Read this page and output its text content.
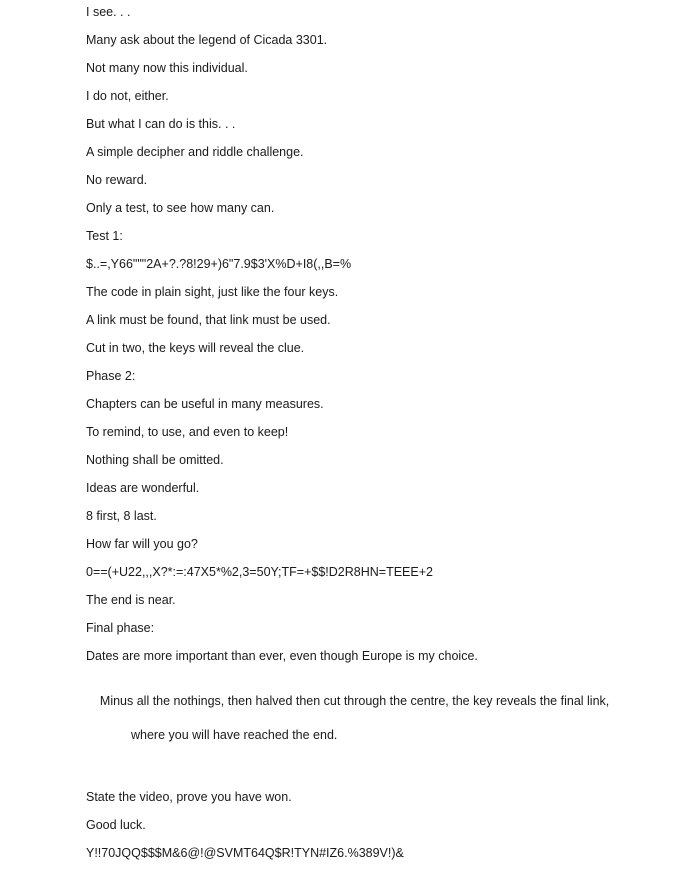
I see. . .

Many ask about the legend of Cicada 3301.

Not many now this individual.

I do not, either.

But what I can do is this. . .

A simple decipher and riddle challenge.

No reward.

Only a test, to see how many can.

Test 1:

$..=,Y66"""2A+?.?8!29+)6"7.9$3'X%D+I8(,,B=%

The code in plain sight, just like the four keys.

A link must be found, that link must be used.

Cut in two, the keys will reveal the clue.

Phase 2:

Chapters can be useful in many measures.

To remind, to use, and even to keep!

Nothing shall be omitted.

Ideas are wonderful.

8 first, 8 last.

How far will you go?

0==(+U22,,,X?*:=:47X5*%2,3=50Y;TF=+$$!D2R8HN=TEEE+2

The end is near.

Final phase:

Dates are more important than ever, even though Europe is my choice.

Minus all the nothings, then halved then cut through the centre, the key reveals the final link,

where you will have reached the end.

State the video, prove you have won.

Good luck.

Y!!70JQQ$$$M&6@!@SVMT64Q$R!TYN#IZ6.%389V!)&
